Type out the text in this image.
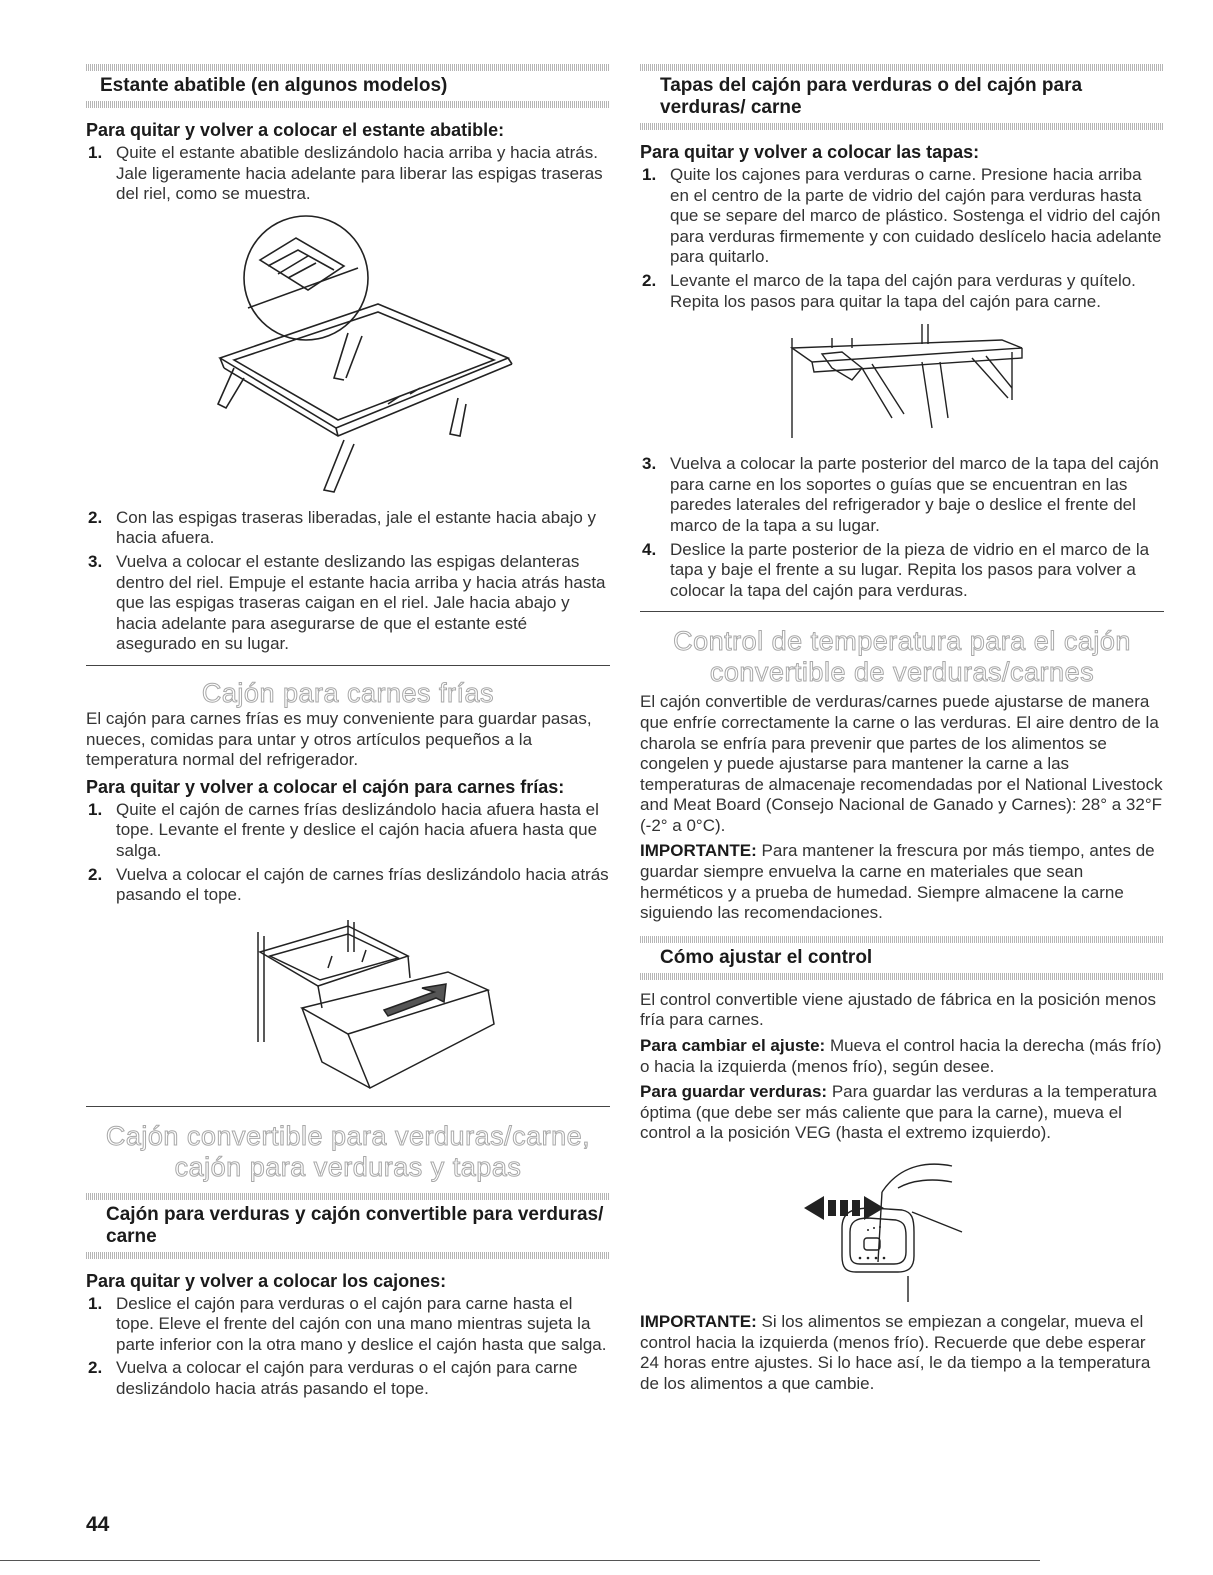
Estante abatible (en algunos modelos)
Para quitar y volver a colocar el estante abatible:
1. Quite el estante abatible deslizándolo hacia arriba y hacia atrás. Jale ligeramente hacia adelante para liberar las espigas traseras del riel, como se muestra.
2. Con las espigas traseras liberadas, jale el estante hacia abajo y hacia afuera.
3. Vuelva a colocar el estante deslizando las espigas delanteras dentro del riel. Empuje el estante hacia arriba y hacia atrás hasta que las espigas traseras caigan en el riel. Jale hacia abajo y hacia adelante para asegurarse de que el estante esté asegurado en su lugar.
Cajón para carnes frías

El cajón para carnes frías es muy conveniente para guardar pasas, nueces, comidas para untar y otros artículos pequeños a la temperatura normal del refrigerador.

Para quitar y volver a colocar el cajón para carnes frías:
1. Quite el cajón de carnes frías deslizándolo hacia afuera hasta el tope. Levante el frente y deslice el cajón hacia afuera hasta que salga.
2. Vuelva a colocar el cajón de carnes frías deslizándolo hacia atrás pasando el tope.
Cajón convertible para verduras/carne,
cajón para verduras y tapas
Cajón para verduras y cajón convertible para verduras/ carne
Para quitar y volver a colocar los cajones:
1. Deslice el cajón para verduras o el cajón para carne hasta el tope. Eleve el frente del cajón con una mano mientras sujeta la parte inferior con la otra mano y deslice el cajón hasta que salga.
2. Vuelva a colocar el cajón para verduras o el cajón para carne deslizándolo hacia atrás pasando el tope.
Tapas del cajón para verduras o del cajón para verduras/ carne
Para quitar y volver a colocar las tapas:
1. Quite los cajones para verduras o carne. Presione hacia arriba en el centro de la parte de vidrio del cajón para verduras hasta que se separe del marco de plástico. Sostenga el vidrio del cajón para verduras firmemente y con cuidado deslícelo hacia adelante para quitarlo.
2. Levante el marco de la tapa del cajón para verduras y quítelo. Repita los pasos para quitar la tapa del cajón para carne.
3. Vuelva a colocar la parte posterior del marco de la tapa del cajón para carne en los soportes o guías que se encuentran en las paredes laterales del refrigerador y baje o deslice el frente del marco de la tapa a su lugar.
4. Deslice la parte posterior de la pieza de vidrio en el marco de la tapa y baje el frente a su lugar. Repita los pasos para volver a colocar la tapa del cajón para verduras.
Control de temperatura para el cajón
convertible de verduras/carnes

El cajón convertible de verduras/carnes puede ajustarse de manera que enfríe correctamente la carne o las verduras. El aire dentro de la charola se enfría para prevenir que partes de los alimentos se congelen y puede ajustarse para mantener la carne a las temperaturas de almacenaje recomendadas por el National Livestock and Meat Board (Consejo Nacional de Ganado y Carnes): 28° a 32°F (-2° a 0°C).

IMPORTANTE: Para mantener la frescura por más tiempo, antes de guardar siempre envuelva la carne en materiales que sean herméticos y a prueba de humedad. Siempre almacene la carne siguiendo las recomendaciones.

Cómo ajustar el control

El control convertible viene ajustado de fábrica en la posición menos fría para carnes.

Para cambiar el ajuste: Mueva el control hacia la derecha (más frío) o hacia la izquierda (menos frío), según desee.

Para guardar verduras: Para guardar las verduras a la temperatura óptima (que debe ser más caliente que para la carne), mueva el control a la posición VEG (hasta el extremo izquierdo).

IMPORTANTE: Si los alimentos se empiezan a congelar, mueva el control hacia la izquierda (menos frío). Recuerde que debe esperar 24 horas entre ajustes. Si lo hace así, le da tiempo a la temperatura de los alimentos a que cambie.

44
